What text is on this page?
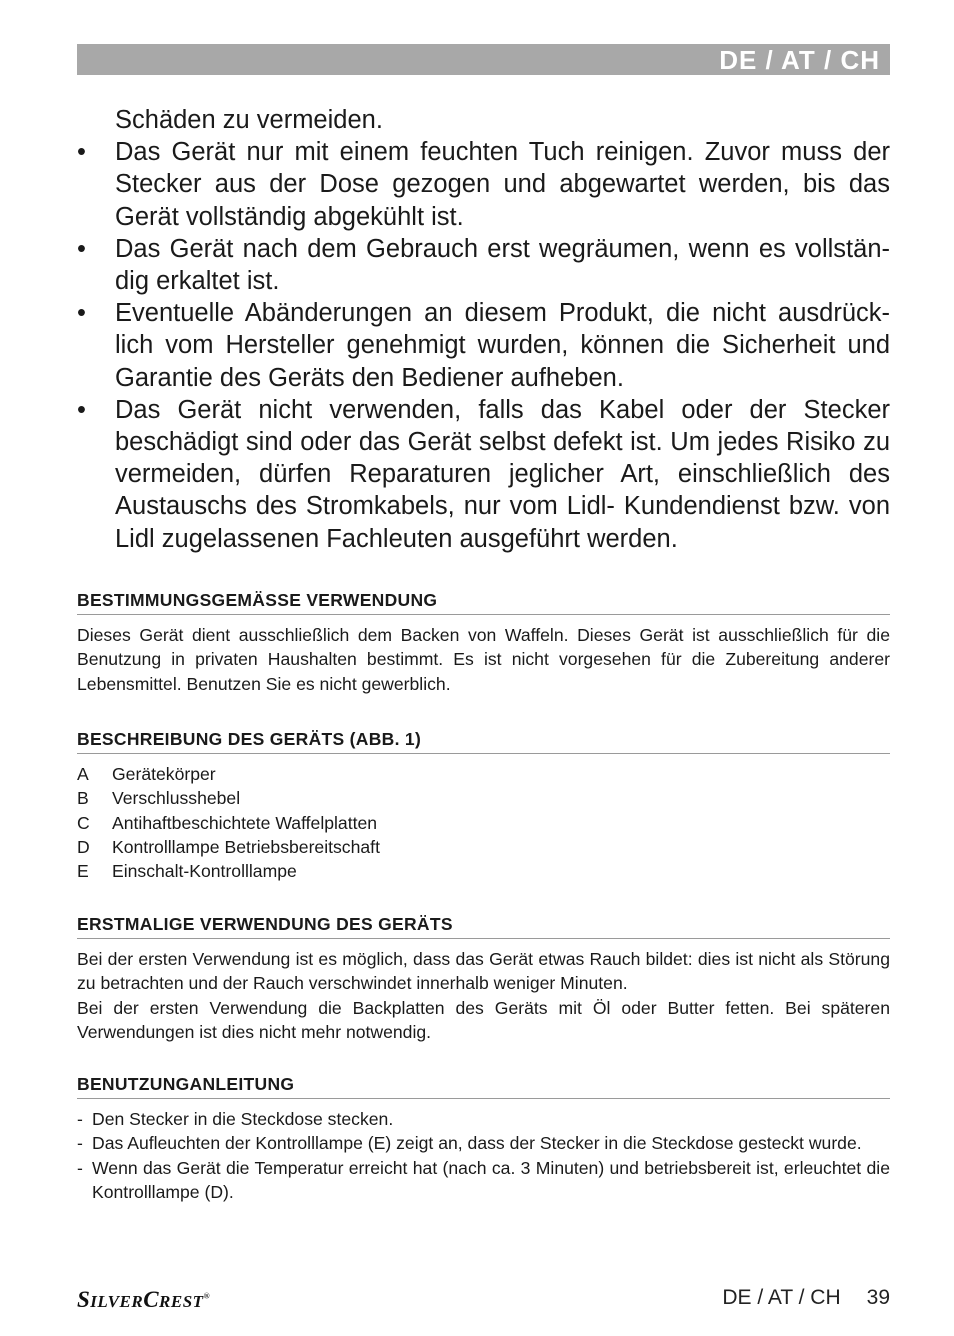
DE / AT / CH

Schäden zu vermeiden.

•	Das Gerät nur mit einem feuchten Tuch reinigen. Zuvor muss der Stecker aus der Dose gezogen und abgewartet werden, bis das Gerät vollständig abgekühlt ist.
•	Das Gerät nach dem Gebrauch erst wegräumen, wenn es vollstän-dig erkaltet ist.
•	Eventuelle Abänderungen an diesem Produkt, die nicht ausdrück-lich vom Hersteller genehmigt wurden, können die Sicherheit und Garantie des Geräts den Bediener aufheben.
•	Das Gerät nicht verwenden, falls das Kabel oder der Stecker beschädigt sind oder das Gerät selbst defekt ist. Um jedes Risiko zu vermeiden, dürfen Reparaturen jeglicher Art, einschließlich des Austauschs des Stromkabels, nur vom Lidl- Kundendienst bzw. von Lidl zugelassenen Fachleuten ausgeführt werden.
BESTIMMUNGSGEMÄSSE VERWENDUNG

Dieses Gerät dient ausschließlich dem Backen von Waffeln. Dieses Gerät ist ausschließlich für die Benutzung in privaten Haushalten bestimmt. Es ist nicht vorgesehen für die Zubereitung anderer Lebensmittel. Benutzen Sie es nicht gewerblich.

BESCHREIBUNG DES GERÄTS (ABB. 1)
A	Gerätekörper
B	Verschlusshebel
C	Antihaftbeschichtete Waffelplatten
D	Kontrolllampe Betriebsbereitschaft
E	Einschalt-Kontrolllampe
ERSTMALIGE VERWENDUNG DES GERÄTS

Bei der ersten Verwendung ist es möglich, dass das Gerät etwas Rauch bildet: dies ist nicht als Störung zu betrachten und der Rauch verschwindet innerhalb weniger Minuten.

Bei der ersten Verwendung die Backplatten des Geräts mit Öl oder Butter fetten. Bei späteren Verwendungen ist dies nicht mehr notwendig.

BENUTZUNGANLEITUNG
- Den Stecker in die Steckdose stecken.
- Das Aufleuchten der Kontrolllampe (E) zeigt an, dass der Stecker in die Steckdose gesteckt wurde.
- Wenn das Gerät die Temperatur erreicht hat (nach ca. 3 Minuten) und betriebsbereit ist, erleuchtet die Kontrolllampe (D).
SILVERCREST®	DE / AT / CH 39
